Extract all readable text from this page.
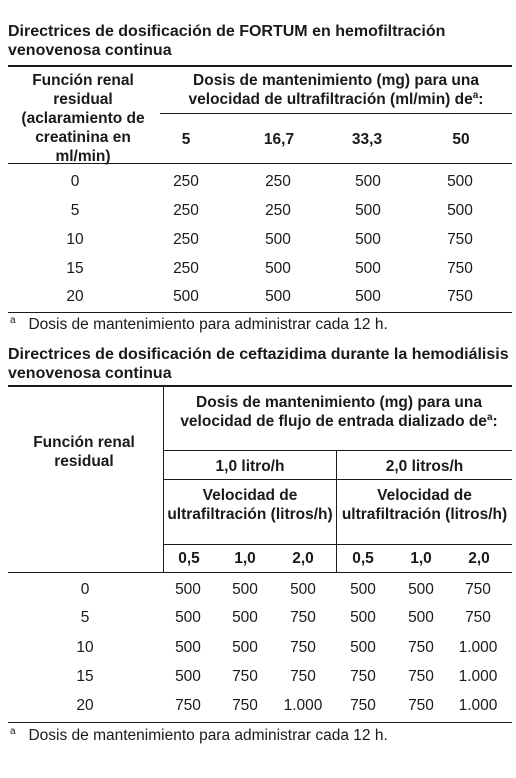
Directrices de dosificación de FORTUM en hemofiltración venovenosa continua
Función renal residual (aclaramiento de creatinina en ml/min)
Dosis de mantenimiento (mg) para una velocidad de ultrafiltración (ml/min) $de^a$:
5	16,7	33,3	50
0	250	250	500	500
5	250	250	500	500
10	250	500	500	750
15	250	500	500	750
20	500	500	500	750
$^a$ Dosis de mantenimiento para administrar cada 12 h.
Directrices de dosificación de ceftazidima durante la hemodiálisis venovenosa continua
Función renal residual
Dosis de mantenimiento (mg) para una velocidad de flujo de entrada dializado $de^a$:
1,0 litro/h	2,0 litros/h
Velocidad de ultrafiltración (litros/h)
Velocidad de ultrafiltración (litros/h)
0,5	1,0	2,0	0,5	1,0	2,0
0	500	500	500	500	500	750
5	500	500	750	500	500	750
10	500	500	750	500	750	1.000
15	500	750	750	750	750	1.000
20	750	750	1.000	750	750	1.000
$^a$ Dosis de mantenimiento para administrar cada 12 h.
